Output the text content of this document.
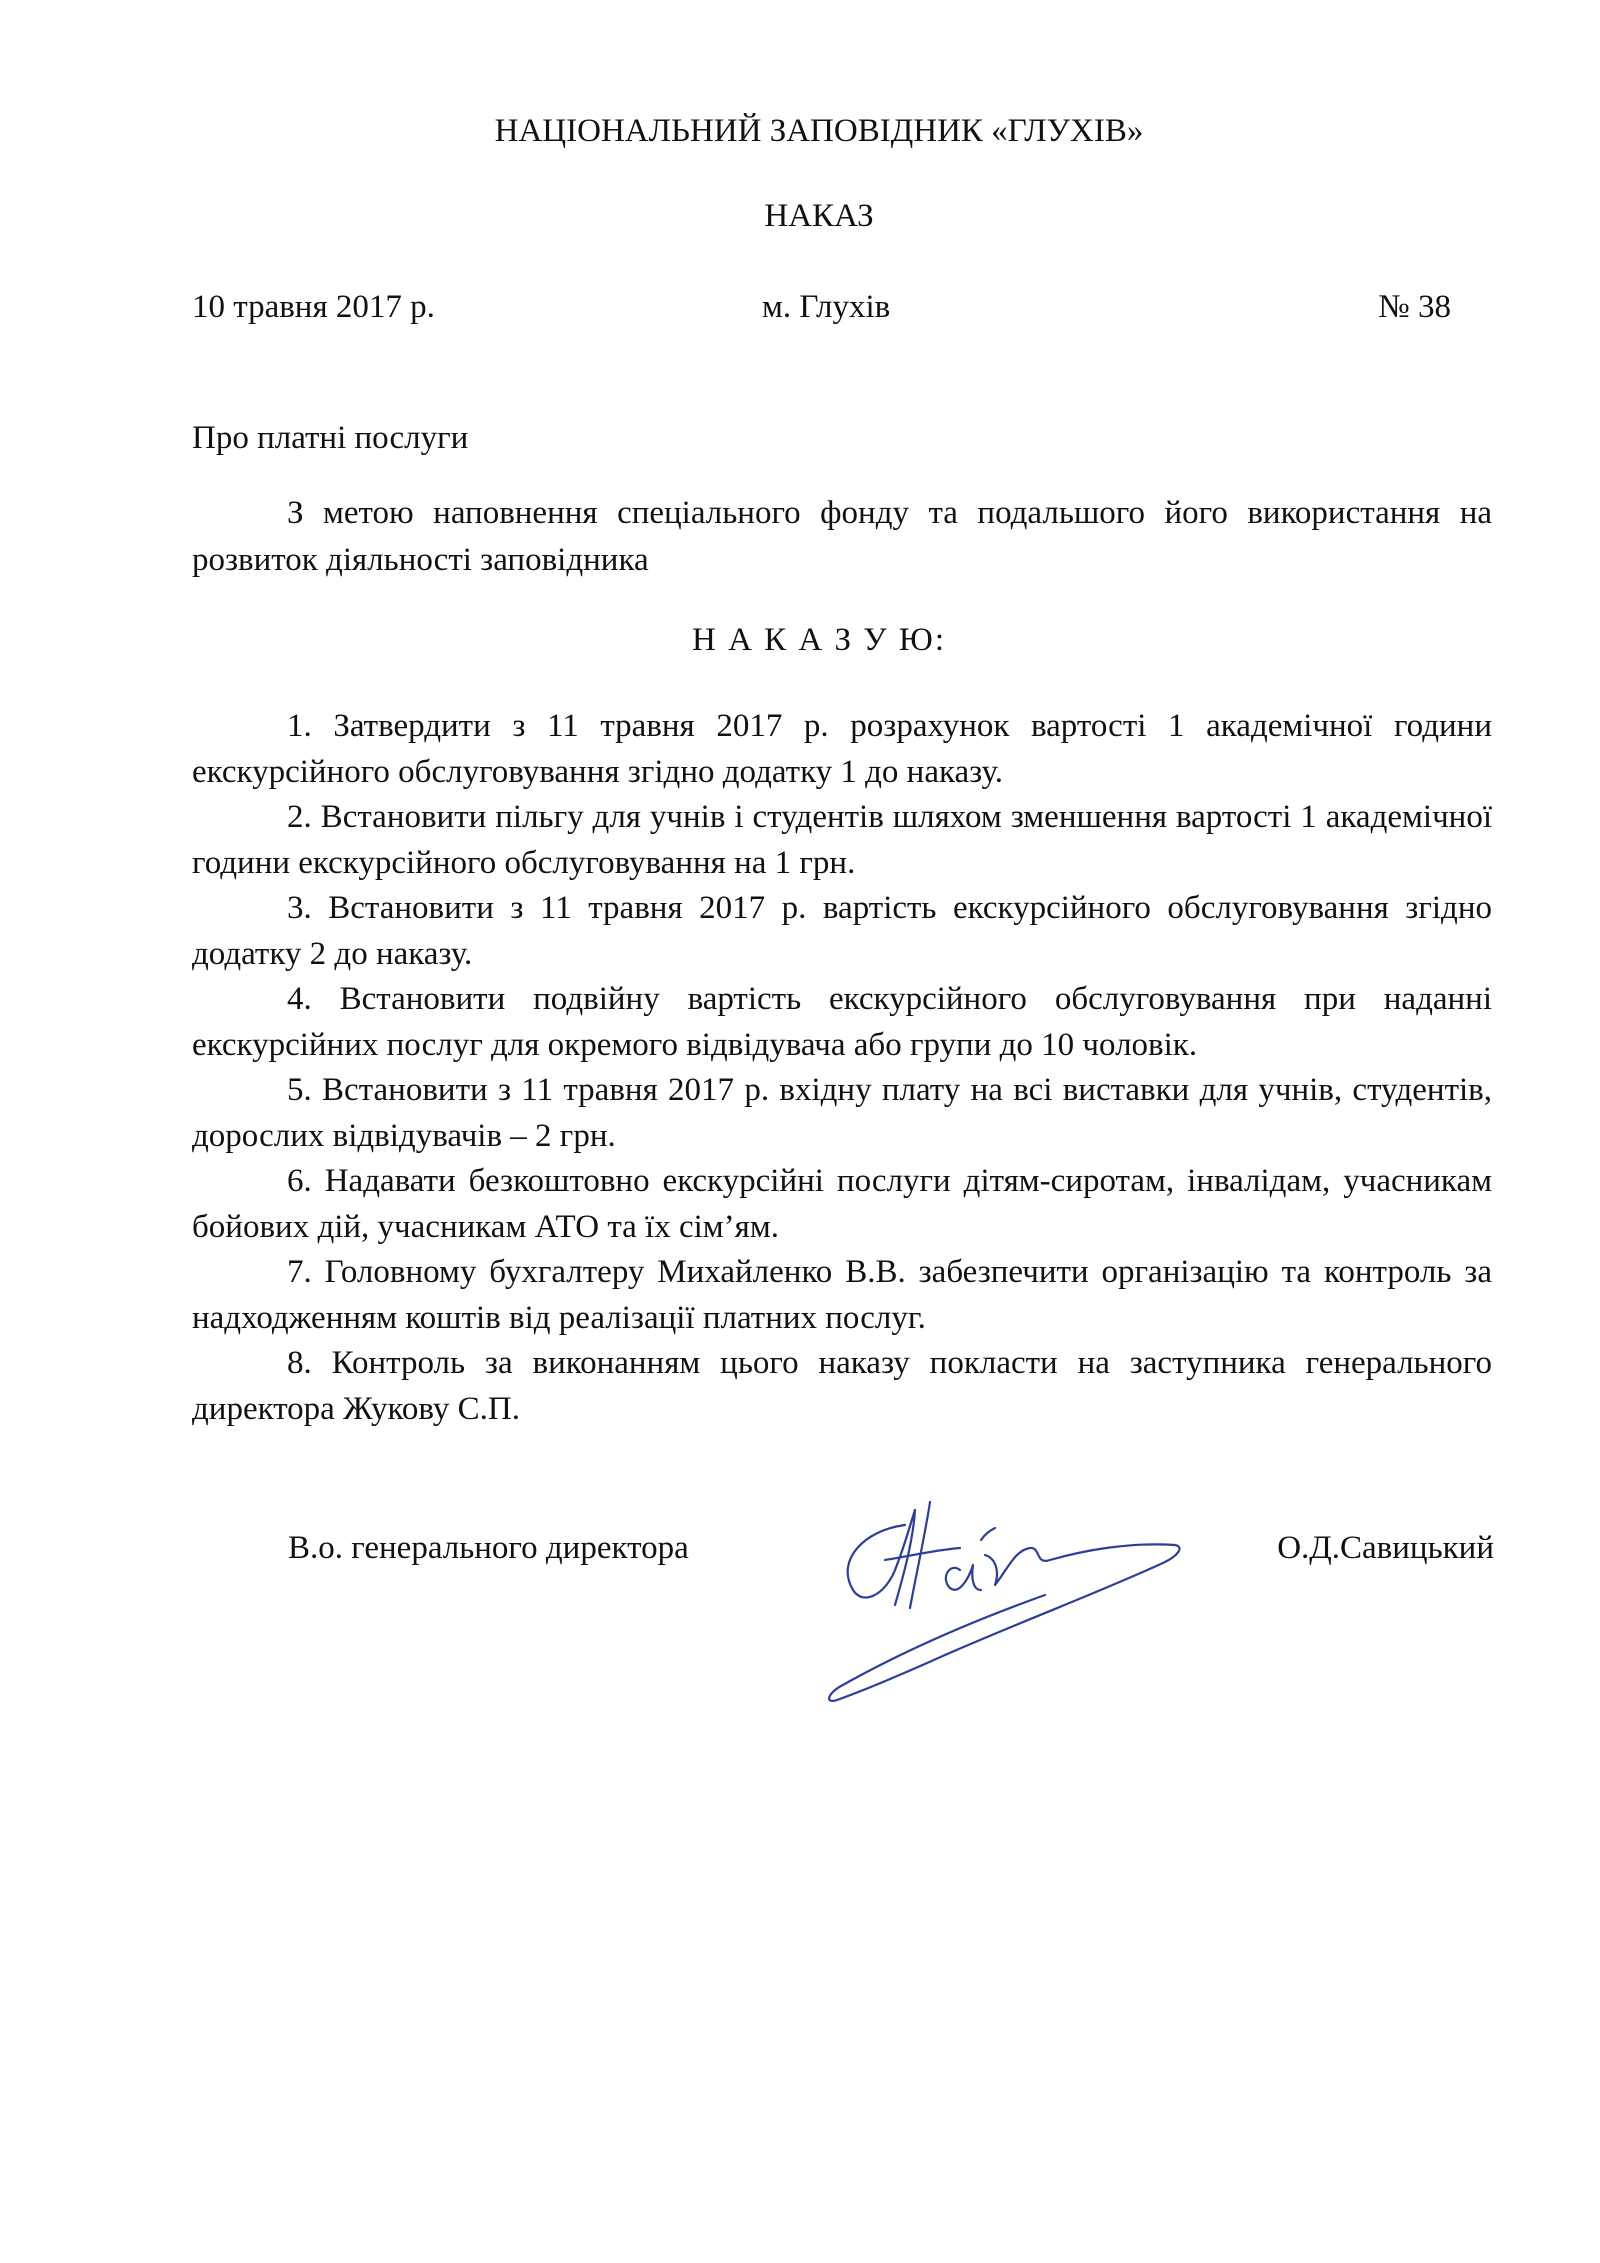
НАЦІОНАЛЬНИЙ ЗАПОВІДНИК «ГЛУХІВ»
НАКАЗ
10 травня 2017 р.	м. Глухів	№ 38
Про платні послуги

З метою наповнення спеціального фонду та подальшого його використання на розвиток діяльності заповідника

Н А К А З У Ю:

1. Затвердити з 11 травня 2017 р. розрахунок вартості 1 академічної години екскурсійного обслуговування згідно додатку 1 до наказу.

2. Встановити пільгу для учнів і студентів шляхом зменшення вартості 1 академічної години екскурсійного обслуговування на 1 грн.

3. Встановити з 11 травня 2017 р. вартість екскурсійного обслуговування згідно додатку 2 до наказу.

4. Встановити подвійну вартість екскурсійного обслуговування при наданні екскурсійних послуг для окремого відвідувача або групи до 10 чоловік.

5. Встановити з 11 травня 2017 р. вхідну плату на всі виставки для учнів, студентів, дорослих відвідувачів – 2 грн.

6. Надавати безкоштовно екскурсійні послуги дітям-сиротам, інвалідам, учасникам бойових дій, учасникам АТО та їх сім’ям.

7. Головному бухгалтеру Михайленко В.В. забезпечити організацію та контроль за надходженням коштів від реалізації платних послуг.

8. Контроль за виконанням цього наказу покласти на заступника генерального директора Жукову С.П.

В.о. генерального директора	О.Д.Савицький
